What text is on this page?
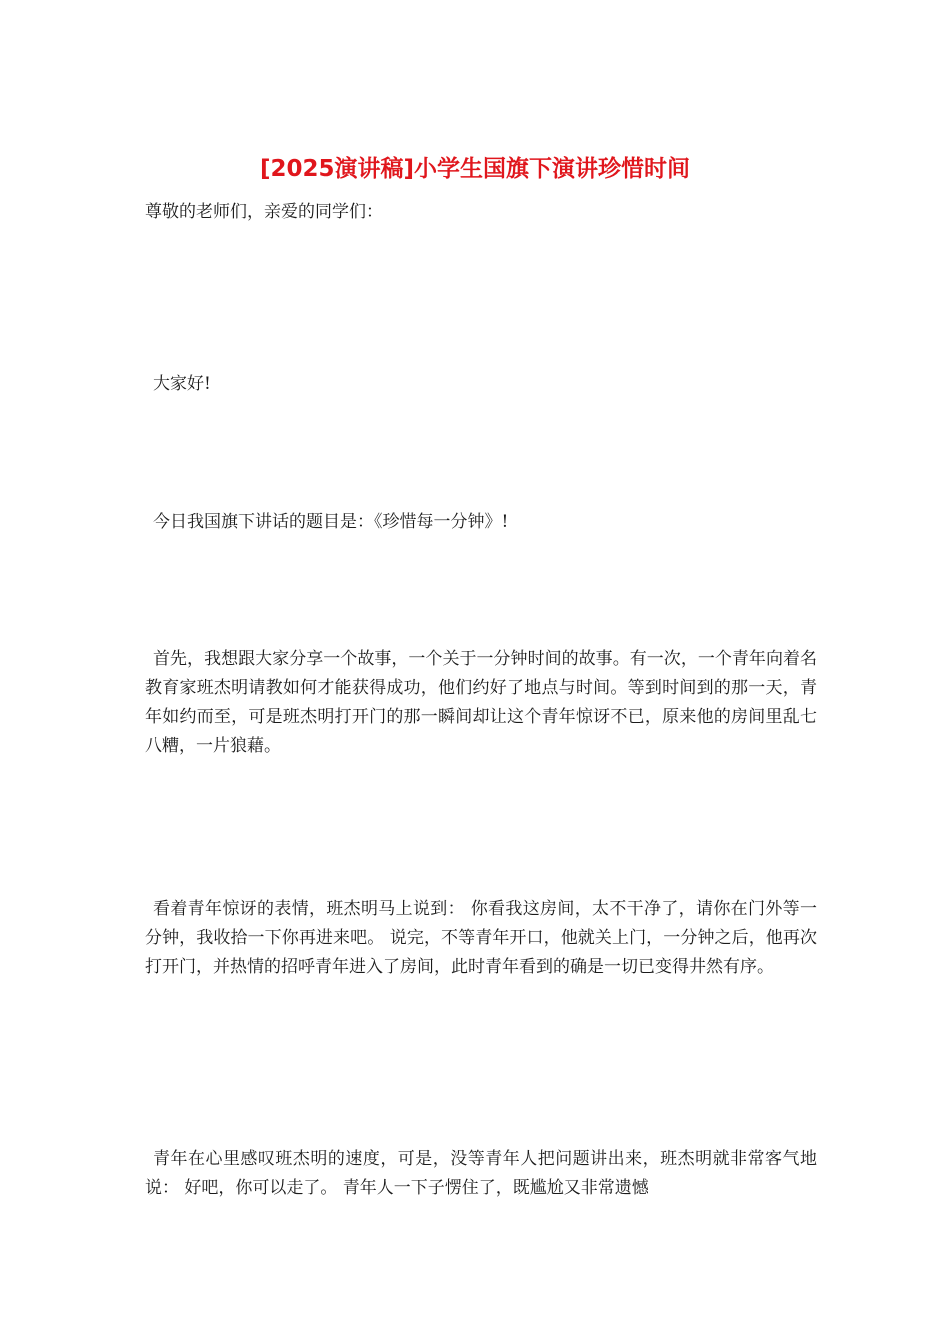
[2025演讲稿]小学生国旗下演讲珍惜时间

尊敬的老师们，亲爱的同学们：

大家好!

今日我国旗下讲话的题目是：《珍惜每一分钟》!

首先，我想跟大家分享一个故事，一个关于一分钟时间的故事。有一次，一个青年向着名教育家班杰明请教如何才能获得成功，他们约好了地点与时间。等到时间到的那一天，青年如约而至，可是班杰明打开门的那一瞬间却让这个青年惊讶不已，原来他的房间里乱七八糟，一片狼藉。

看着青年惊讶的表情，班杰明马上说到： 你看我这房间，太不干净了，请你在门外等一分钟，我收拾一下你再进来吧。 说完，不等青年开口，他就关上门，一分钟之后，他再次打开门，并热情的招呼青年进入了房间，此时青年看到的确是一切已变得井然有序。

青年在心里感叹班杰明的速度，可是，没等青年人把问题讲出来，班杰明就非常客气地说： 好吧，你可以走了。 青年人一下子愣住了，既尴尬又非常遗憾
